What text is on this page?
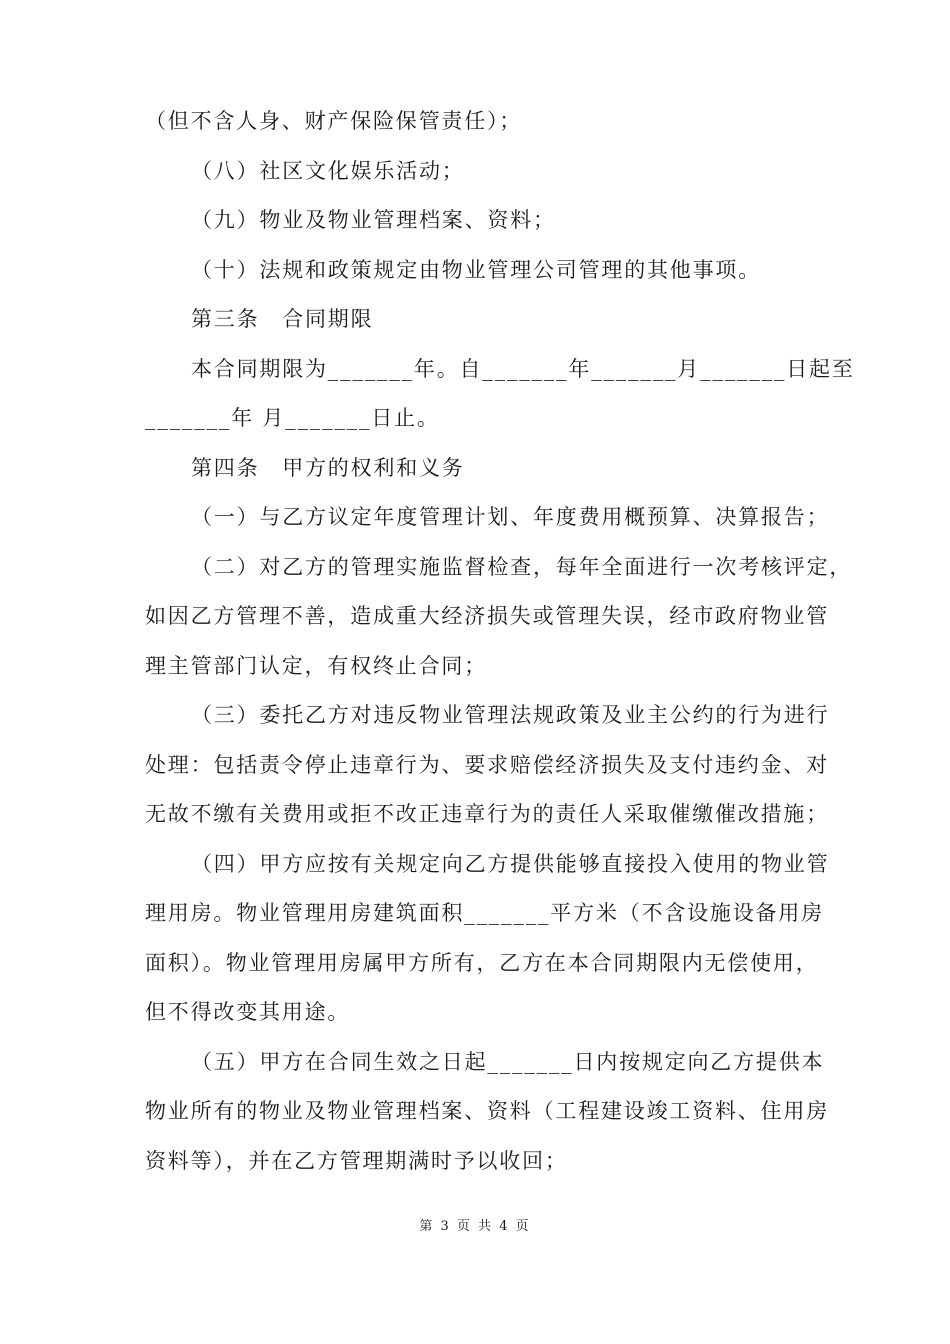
（但不含人身、财产保险保管责任）；
（八）社区文化娱乐活动；
（九）物业及物业管理档案、资料；
（十）法规和政策规定由物业管理公司管理的其他事项。
第三条　合同期限
本合同期限为_______年。自_______年_______月_______日起至
_______年 月_______日止。
第四条　甲方的权利和义务
（一）与乙方议定年度管理计划、年度费用概预算、决算报告；
（二）对乙方的管理实施监督检查，每年全面进行一次考核评定，
如因乙方管理不善，造成重大经济损失或管理失误，经市政府物业管
理主管部门认定，有权终止合同；
（三）委托乙方对违反物业管理法规政策及业主公约的行为进行
处理：包括责令停止违章行为、要求赔偿经济损失及支付违约金、对
无故不缴有关费用或拒不改正违章行为的责任人采取催缴催改措施；
（四）甲方应按有关规定向乙方提供能够直接投入使用的物业管
理用房。物业管理用房建筑面积_______平方米（不含设施设备用房
面积）。物业管理用房属甲方所有，乙方在本合同期限内无偿使用，
但不得改变其用途。
（五）甲方在合同生效之日起_______日内按规定向乙方提供本
物业所有的物业及物业管理档案、资料（工程建设竣工资料、住用房
资料等），并在乙方管理期满时予以收回；
第 3 页 共 4 页
